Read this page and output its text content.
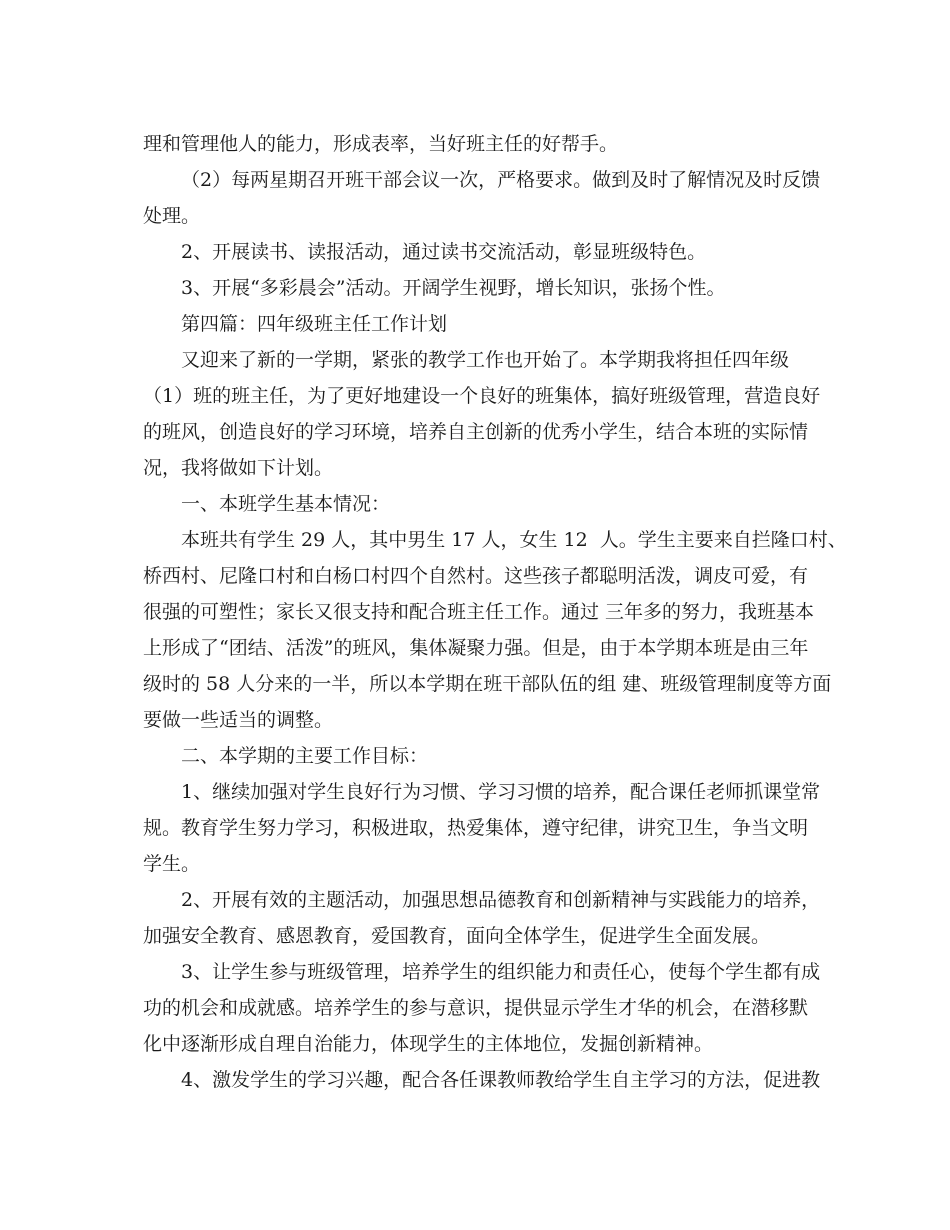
理和管理他人的能力，形成表率，当好班主任的好帮手。
（2）每两星期召开班干部会议一次，严格要求。做到及时了解情况及时反馈
处理。
2、开展读书、读报活动，通过读书交流活动，彰显班级特色。
3、开展“多彩晨会”活动。开阔学生视野，增长知识，张扬个性。
第四篇：四年级班主任工作计划
又迎来了新的一学期，紧张的教学工作也开始了。本学期我将担任四年级
（1）班的班主任，为了更好地建设一个良好的班集体，搞好班级管理，营造良好
的班风，创造良好的学习环境，培养自主创新的优秀小学生，结合本班的实际情
况，我将做如下计划。
一、本班学生基本情况：
本班共有学生 29 人，其中男生 17 人，女生 12  人。学生主要来自拦隆口村、
桥西村、尼隆口村和白杨口村四个自然村。这些孩子都聪明活泼，调皮可爱，有
很强的可塑性；家长又很支持和配合班主任工作。通过 三年多的努力，我班基本
上形成了“团结、活泼”的班风，集体凝聚力强。但是，由于本学期本班是由三年
级时的 58 人分来的一半，所以本学期在班干部队伍的组 建、班级管理制度等方面
要做一些适当的调整。
二、本学期的主要工作目标：
1、继续加强对学生良好行为习惯、学习习惯的培养，配合课任老师抓课堂常
规。教育学生努力学习，积极进取，热爱集体，遵守纪律，讲究卫生，争当文明
学生。
2、开展有效的主题活动，加强思想品德教育和创新精神与实践能力的培养，
加强安全教育、感恩教育，爱国教育，面向全体学生，促进学生全面发展。
3、让学生参与班级管理，培养学生的组织能力和责任心，使每个学生都有成
功的机会和成就感。培养学生的参与意识，提供显示学生才华的机会，在潜移默
化中逐渐形成自理自治能力，体现学生的主体地位，发掘创新精神。
4、激发学生的学习兴趣，配合各任课教师教给学生自主学习的方法，促进教
